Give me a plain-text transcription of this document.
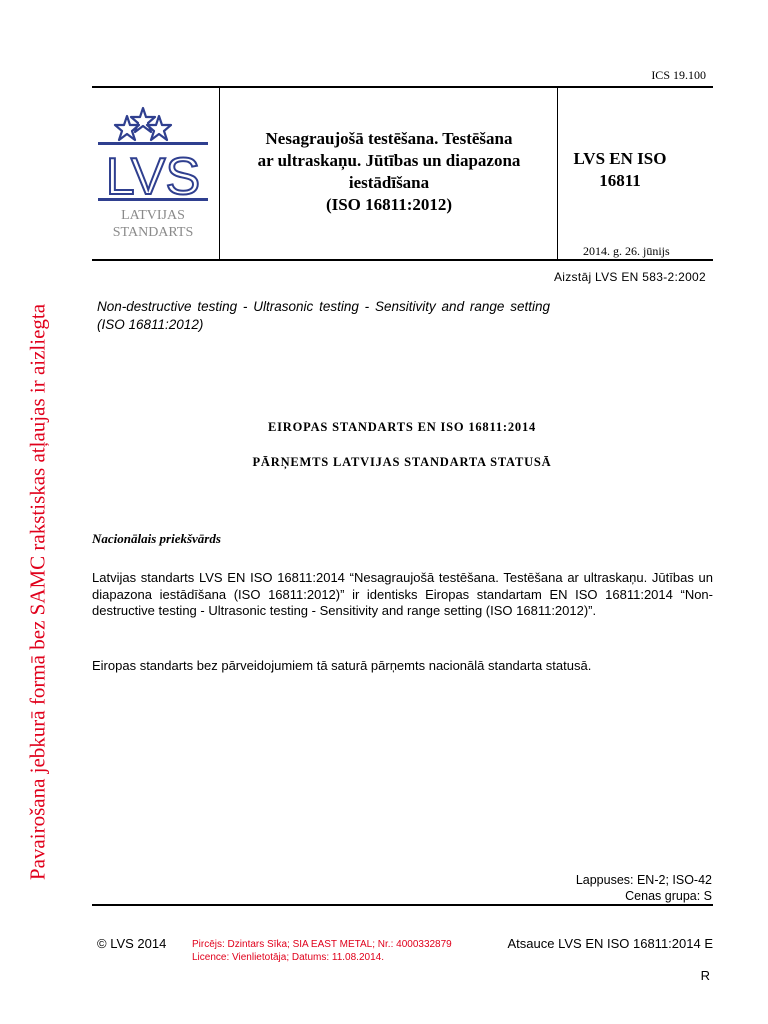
Pavairošana jebkurā formā bez SAMC rakstiskas atļaujas ir aizliegta
ICS 19.100
LVS
LATVIJAS
STANDARTS
Nesagraujošā testēšana. Testēšana
ar ultraskaņu. Jūtības un diapazona
iestādīšana
(ISO 16811:2012)
LVS EN ISO
16811
2014. g. 26. jūnijs
Aizstāj LVS EN 583-2:2002
Non-destructive testing - Ultrasonic testing - Sensitivity and range setting (ISO 16811:2012)
EIROPAS STANDARTS EN ISO 16811:2014
PĀRŅEMTS LATVIJAS STANDARTA STATUSĀ
Nacionālais priekšvārds
Latvijas standarts LVS EN ISO 16811:2014 “Nesagraujošā testēšana. Testēšana ar ultraskaņu. Jūtības un diapazona iestādīšana (ISO 16811:2012)” ir identisks Eiropas standartam EN ISO 16811:2014 “Non-destructive testing - Ultrasonic testing - Sensitivity and range setting (ISO 16811:2012)”.
Eiropas standarts bez pārveidojumiem tā saturā pārņemts nacionālā standarta statusā.
Lappuses: EN-2; ISO-42
Cenas grupa: S
© LVS 2014	Pircējs: Dzintars Sīka; SIA EAST METAL; Nr.: 4000332879
Licence: Vienlietotāja; Datums: 11.08.2014.
Atsauce LVS EN ISO 16811:2014 E
R
